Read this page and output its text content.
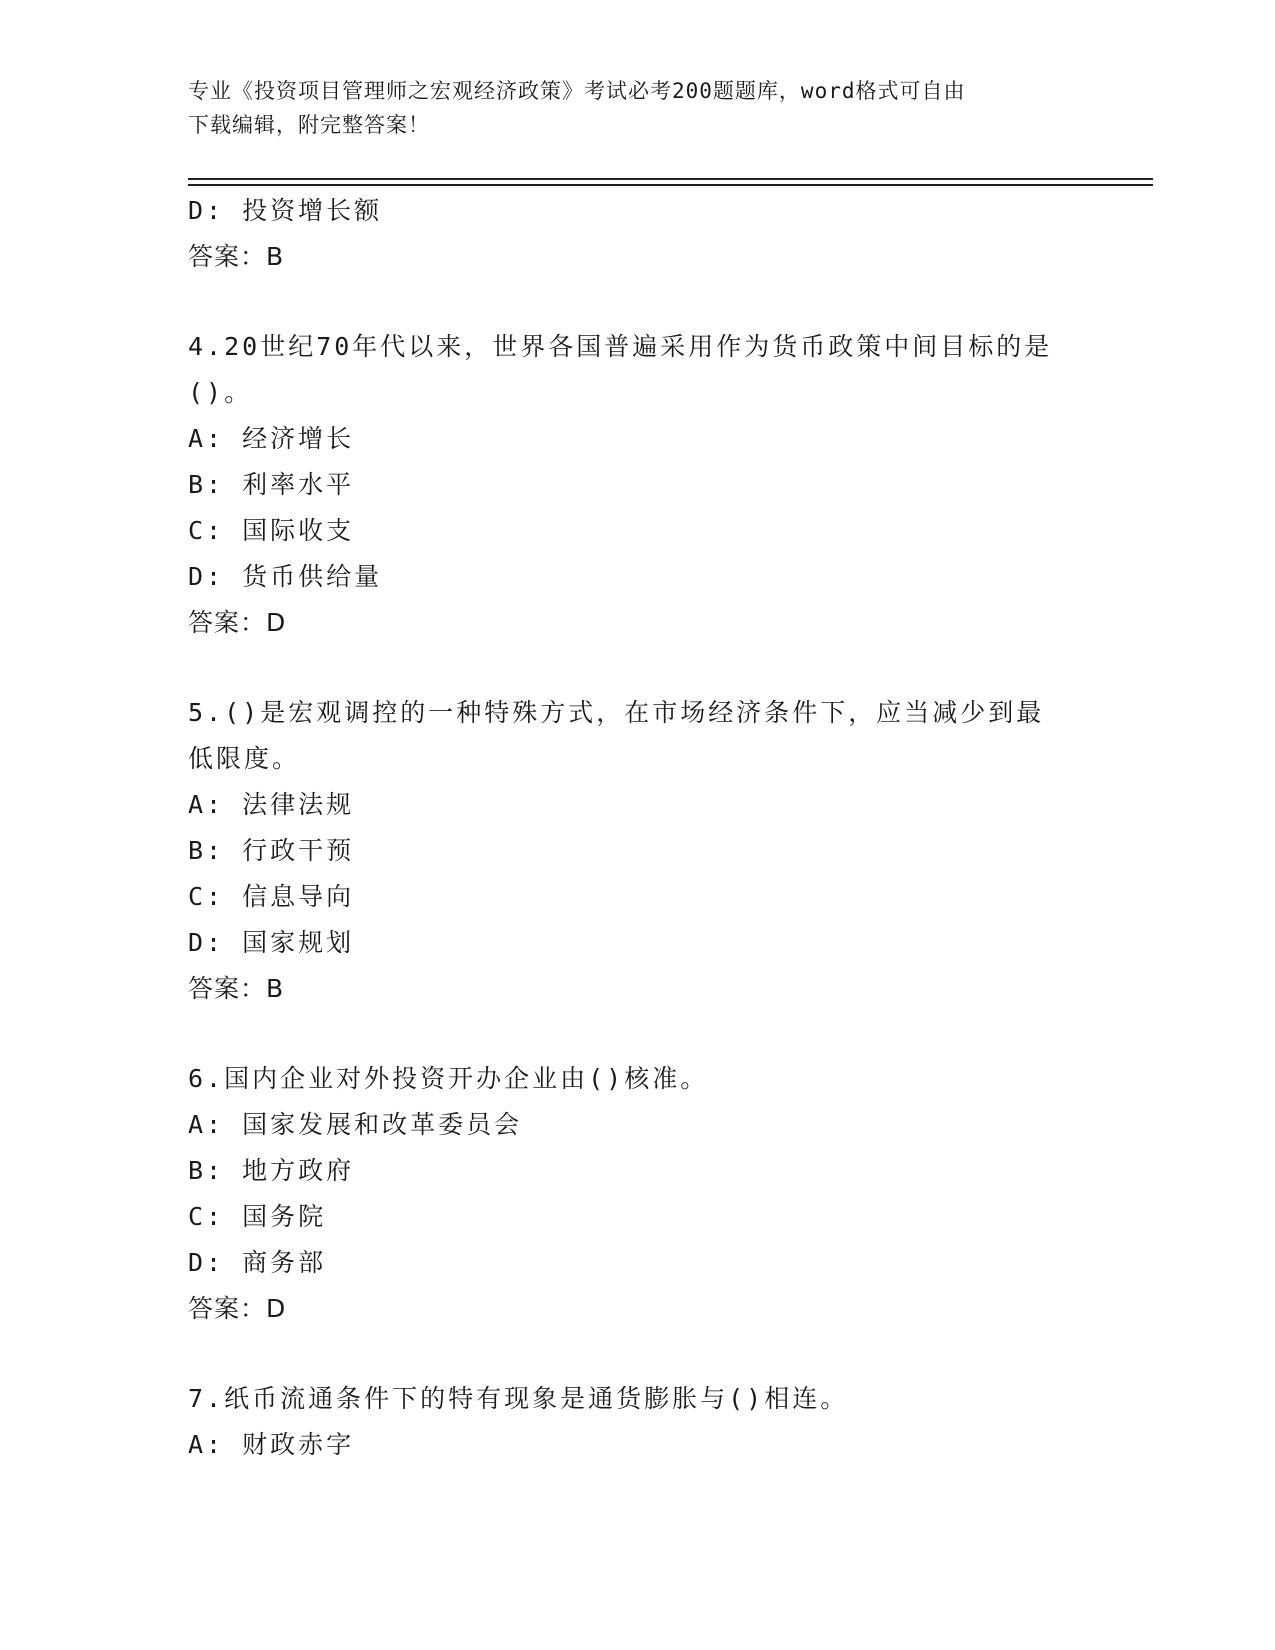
专业《投资项目管理师之宏观经济政策》考试必考200题题库，word格式可自由
下载编辑，附完整答案！
D: 投资增长额
答案：B
4.20世纪70年代以来，世界各国普遍采用作为货币政策中间目标的是
()。
A: 经济增长
B: 利率水平
C: 国际收支
D: 货币供给量
答案：D
5.()是宏观调控的一种特殊方式，在市场经济条件下，应当减少到最
低限度。
A: 法律法规
B: 行政干预
C: 信息导向
D: 国家规划
答案：B
6.国内企业对外投资开办企业由()核准。
A: 国家发展和改革委员会
B: 地方政府
C: 国务院
D: 商务部
答案：D
7.纸币流通条件下的特有现象是通货膨胀与()相连。
A: 财政赤字
